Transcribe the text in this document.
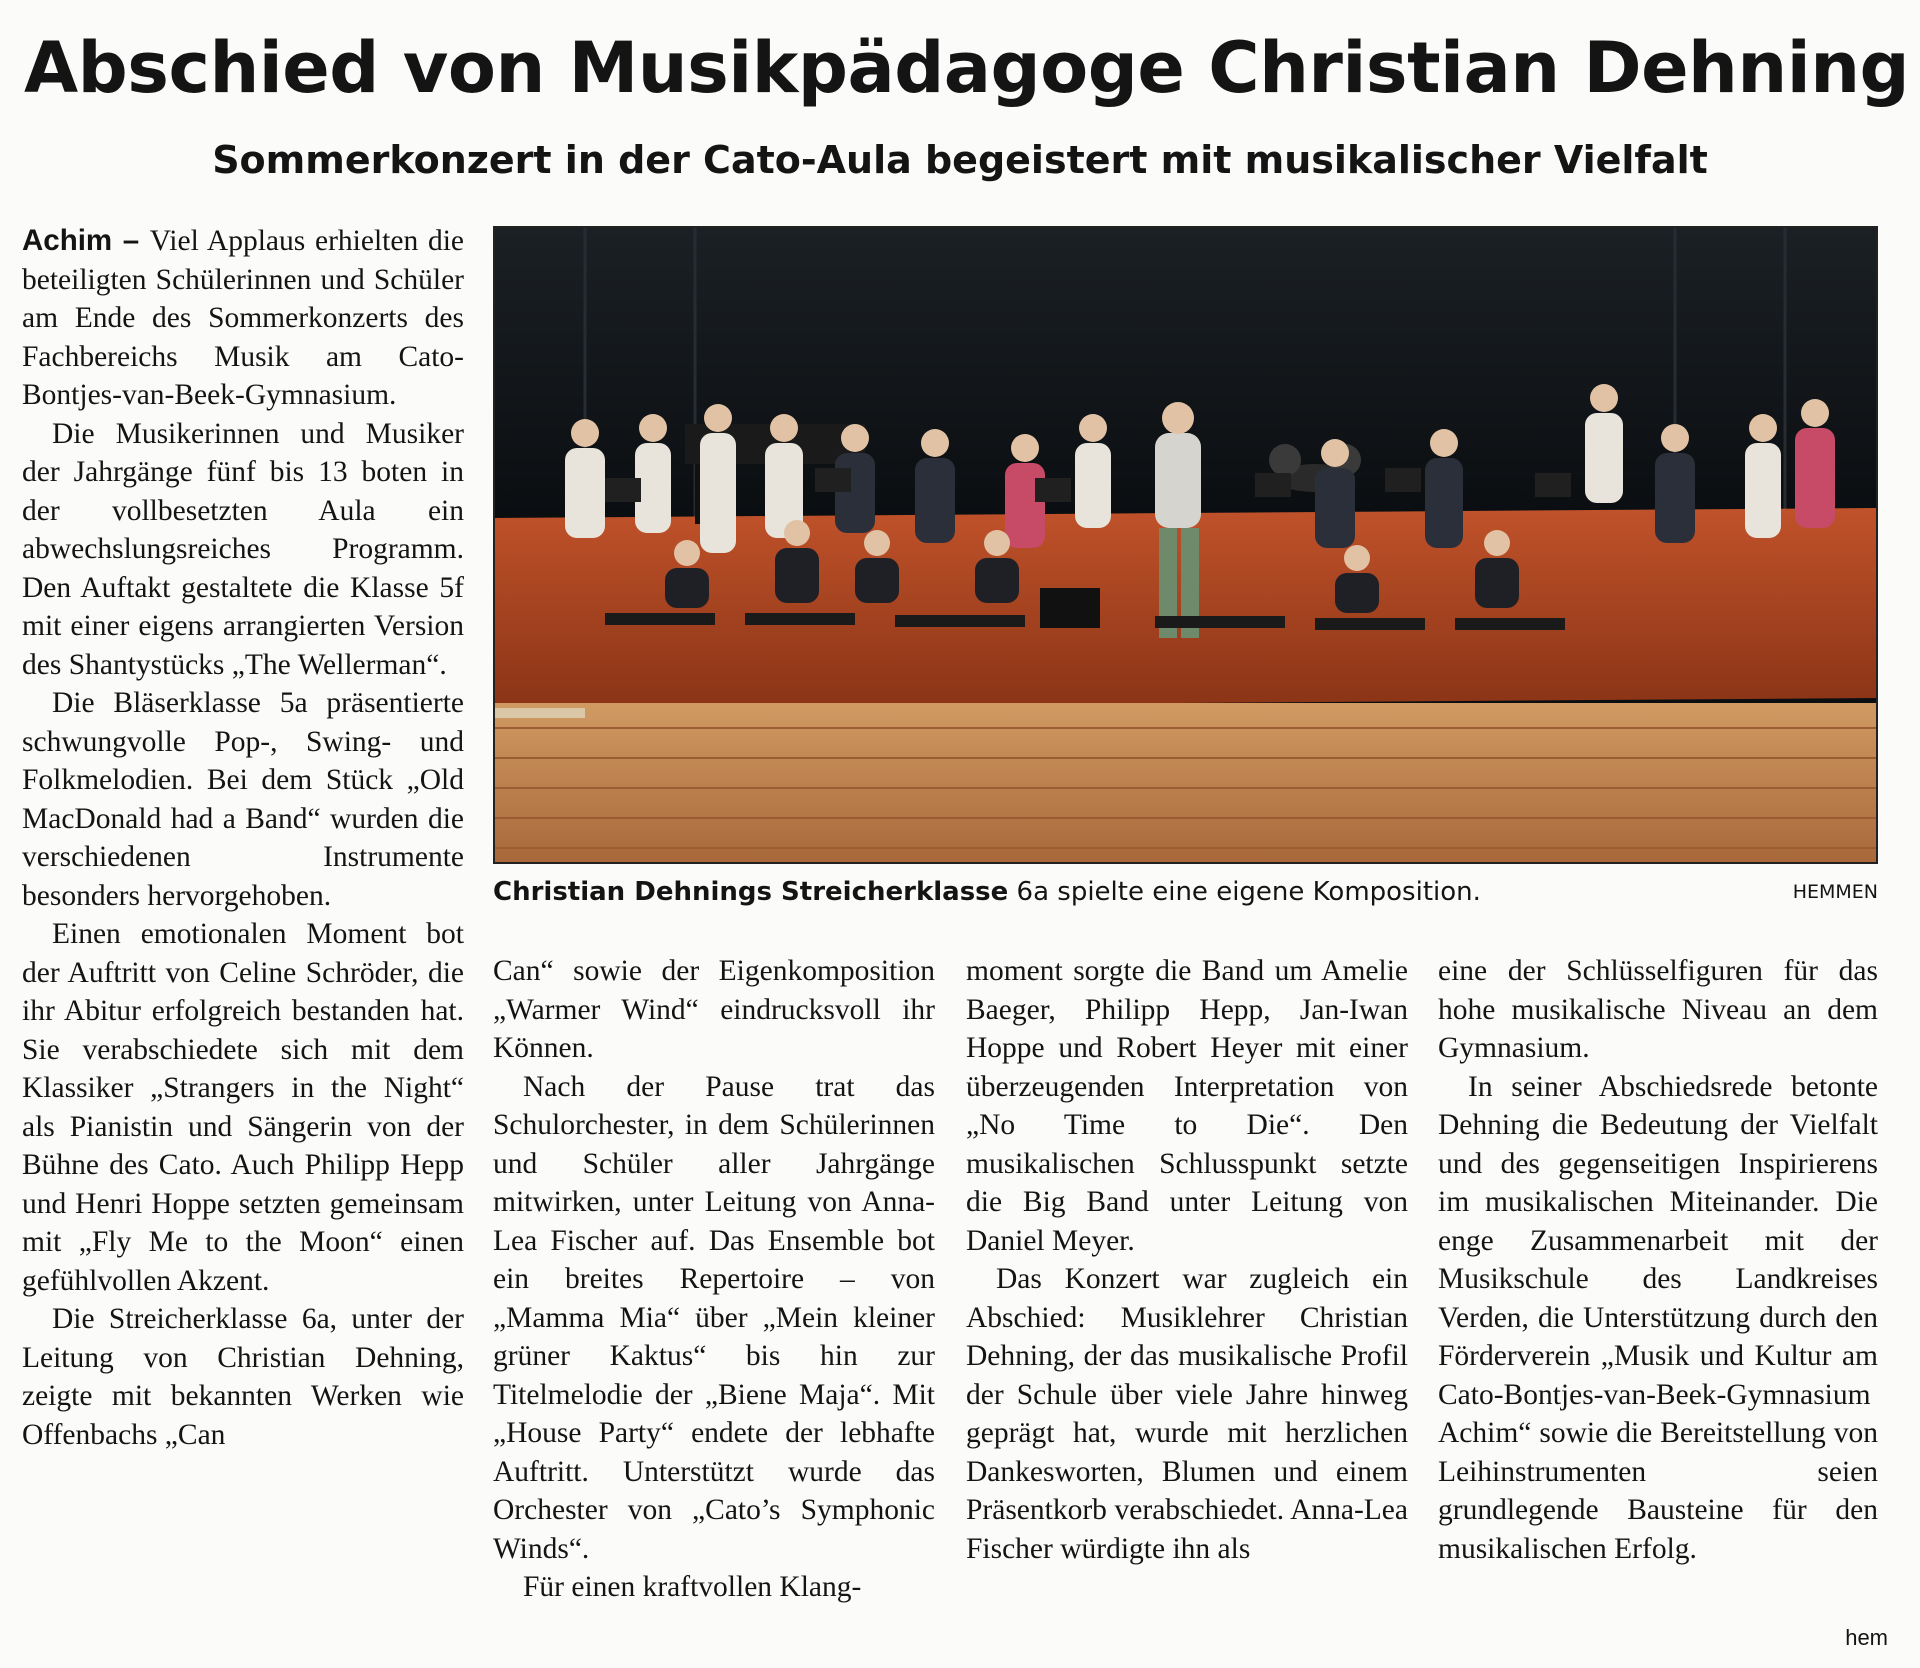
Abschied von Musikpädagoge Christian Dehning
Sommerkonzert in der Cato-Aula begeistert mit musikalischer Vielfalt

Achim – Viel Applaus erhielten die beteiligten Schülerinnen und Schüler am Ende des Sommerkonzerts des Fachbereichs Musik am Cato-Bontjes-van-Beek-Gymnasium.

Die Musikerinnen und Musiker der Jahrgänge fünf bis 13 boten in der vollbesetzten Aula ein abwechslungsreiches Programm. Den Auftakt gestaltete die Klasse 5f mit einer eigens arrangierten Version des Shantystücks „The Wellerman“.

Die Bläserklasse 5a präsentierte schwungvolle Pop-, Swing- und Folkmelodien. Bei dem Stück „Old MacDonald had a Band“ wurden die verschiedenen Instrumente besonders hervorgehoben.

Einen emotionalen Moment bot der Auftritt von Celine Schröder, die ihr Abitur erfolgreich bestanden hat. Sie verabschiedete sich mit dem Klassiker „Strangers in the Night“ als Pianistin und Sängerin von der Bühne des Cato. Auch Philipp Hepp und Henri Hoppe setzten gemeinsam mit „Fly Me to the Moon“ einen gefühlvollen Akzent.

Die Streicherklasse 6a, unter der Leitung von Christian Dehning, zeigte mit bekannten Werken wie Offenbachs „Can

Christian Dehnings Streicherklasse 6a spielte eine eigene Komposition.	HEMMEN

Can“ sowie der Eigenkomposition „Warmer Wind“ eindrucksvoll ihr Können.

Nach der Pause trat das Schulorchester, in dem Schülerinnen und Schüler aller Jahrgänge mitwirken, unter Leitung von Anna-Lea Fischer auf. Das Ensemble bot ein breites Repertoire – von „Mamma Mia“ über „Mein kleiner grüner Kaktus“ bis hin zur Titelmelodie der „Biene Maja“. Mit „House Party“ endete der lebhafte Auftritt. Unterstützt wurde das Orchester von „Cato’s Symphonic Winds“.

Für einen kraftvollen Klang-

moment sorgte die Band um Amelie Baeger, Philipp Hepp, Jan-Iwan Hoppe und Robert Heyer mit einer überzeugenden Interpretation von „No Time to Die“. Den musikalischen Schlusspunkt setzte die Big Band unter Leitung von Daniel Meyer.

Das Konzert war zugleich ein Abschied: Musiklehrer Christian Dehning, der das musikalische Profil der Schule über viele Jahre hinweg geprägt hat, wurde mit herzlichen Dankesworten, Blumen und einem Präsentkorb verabschiedet. Anna-Lea Fischer würdigte ihn als

eine der Schlüsselfiguren für das hohe musikalische Niveau an dem Gymnasium.

In seiner Abschiedsrede betonte Dehning die Bedeutung der Vielfalt und des gegenseitigen Inspirierens im musikalischen Miteinander. Die enge Zusammenarbeit mit der Musikschule des Landkreises Verden, die Unterstützung durch den Förderverein „Musik und Kultur am Cato-Bontjes-van-Beek-Gymnasium Achim“ sowie die Bereitstellung von Leihinstrumenten seien grundlegende Bausteine für den musikalischen Erfolg.

hem
